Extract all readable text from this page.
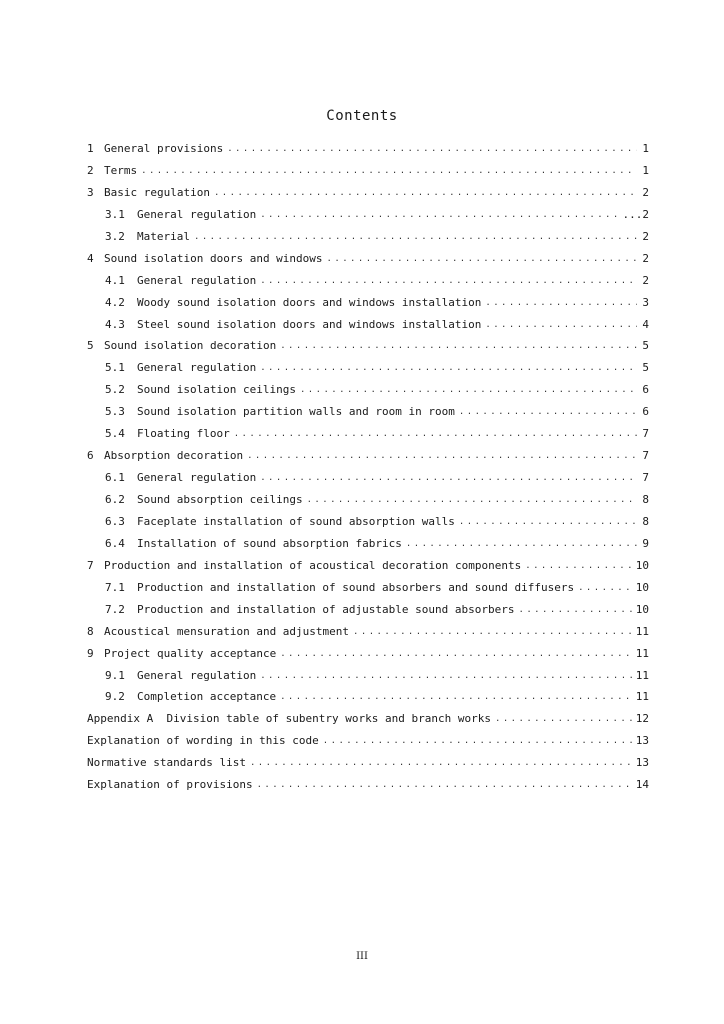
Contents
1 General provisions . . .	1
2 Terms . . .	1
3 Basic regulation . . .	2
3.1	General regulation . . .	...2
3.2	Material . . .	2
4 Sound isolation doors and windows . . .	2
4.1	General regulation . . .	2
4.2	Woody sound isolation doors and windows installation . . .	3
4.3	Steel sound isolation doors and windows installation . . .	4
5 Sound isolation decoration . . .	5
5.1	General regulation . . .	5
5.2	Sound isolation ceilings . . .	6
5.3	Sound isolation partition walls and room in room . . .	6
5.4	Floating floor . . .	7
6 Absorption decoration . . .	7
6.1	General regulation . . .	7
6.2	Sound absorption ceilings . . .	8
6.3	Faceplate installation of sound absorption walls . . .	8
6.4	Installation of sound absorption fabrics . . .	9
7 Production and installation of acoustical decoration components . . .	10
7.1	Production and installation of sound absorbers and sound diffusers . . .	10
7.2	Production and installation of adjustable sound absorbers . . .	10
8 Acoustical mensuration and adjustment . . .	11
9 Project quality acceptance . . .	11
9.1	General regulation . . .	11
9.2	Completion acceptance . . .	11
Appendix A  Division table of subentry works and branch works . . .	12
Explanation of wording in this code . . .	13
Normative standards list . . .	13
Explanation of provisions . . .	14
III
